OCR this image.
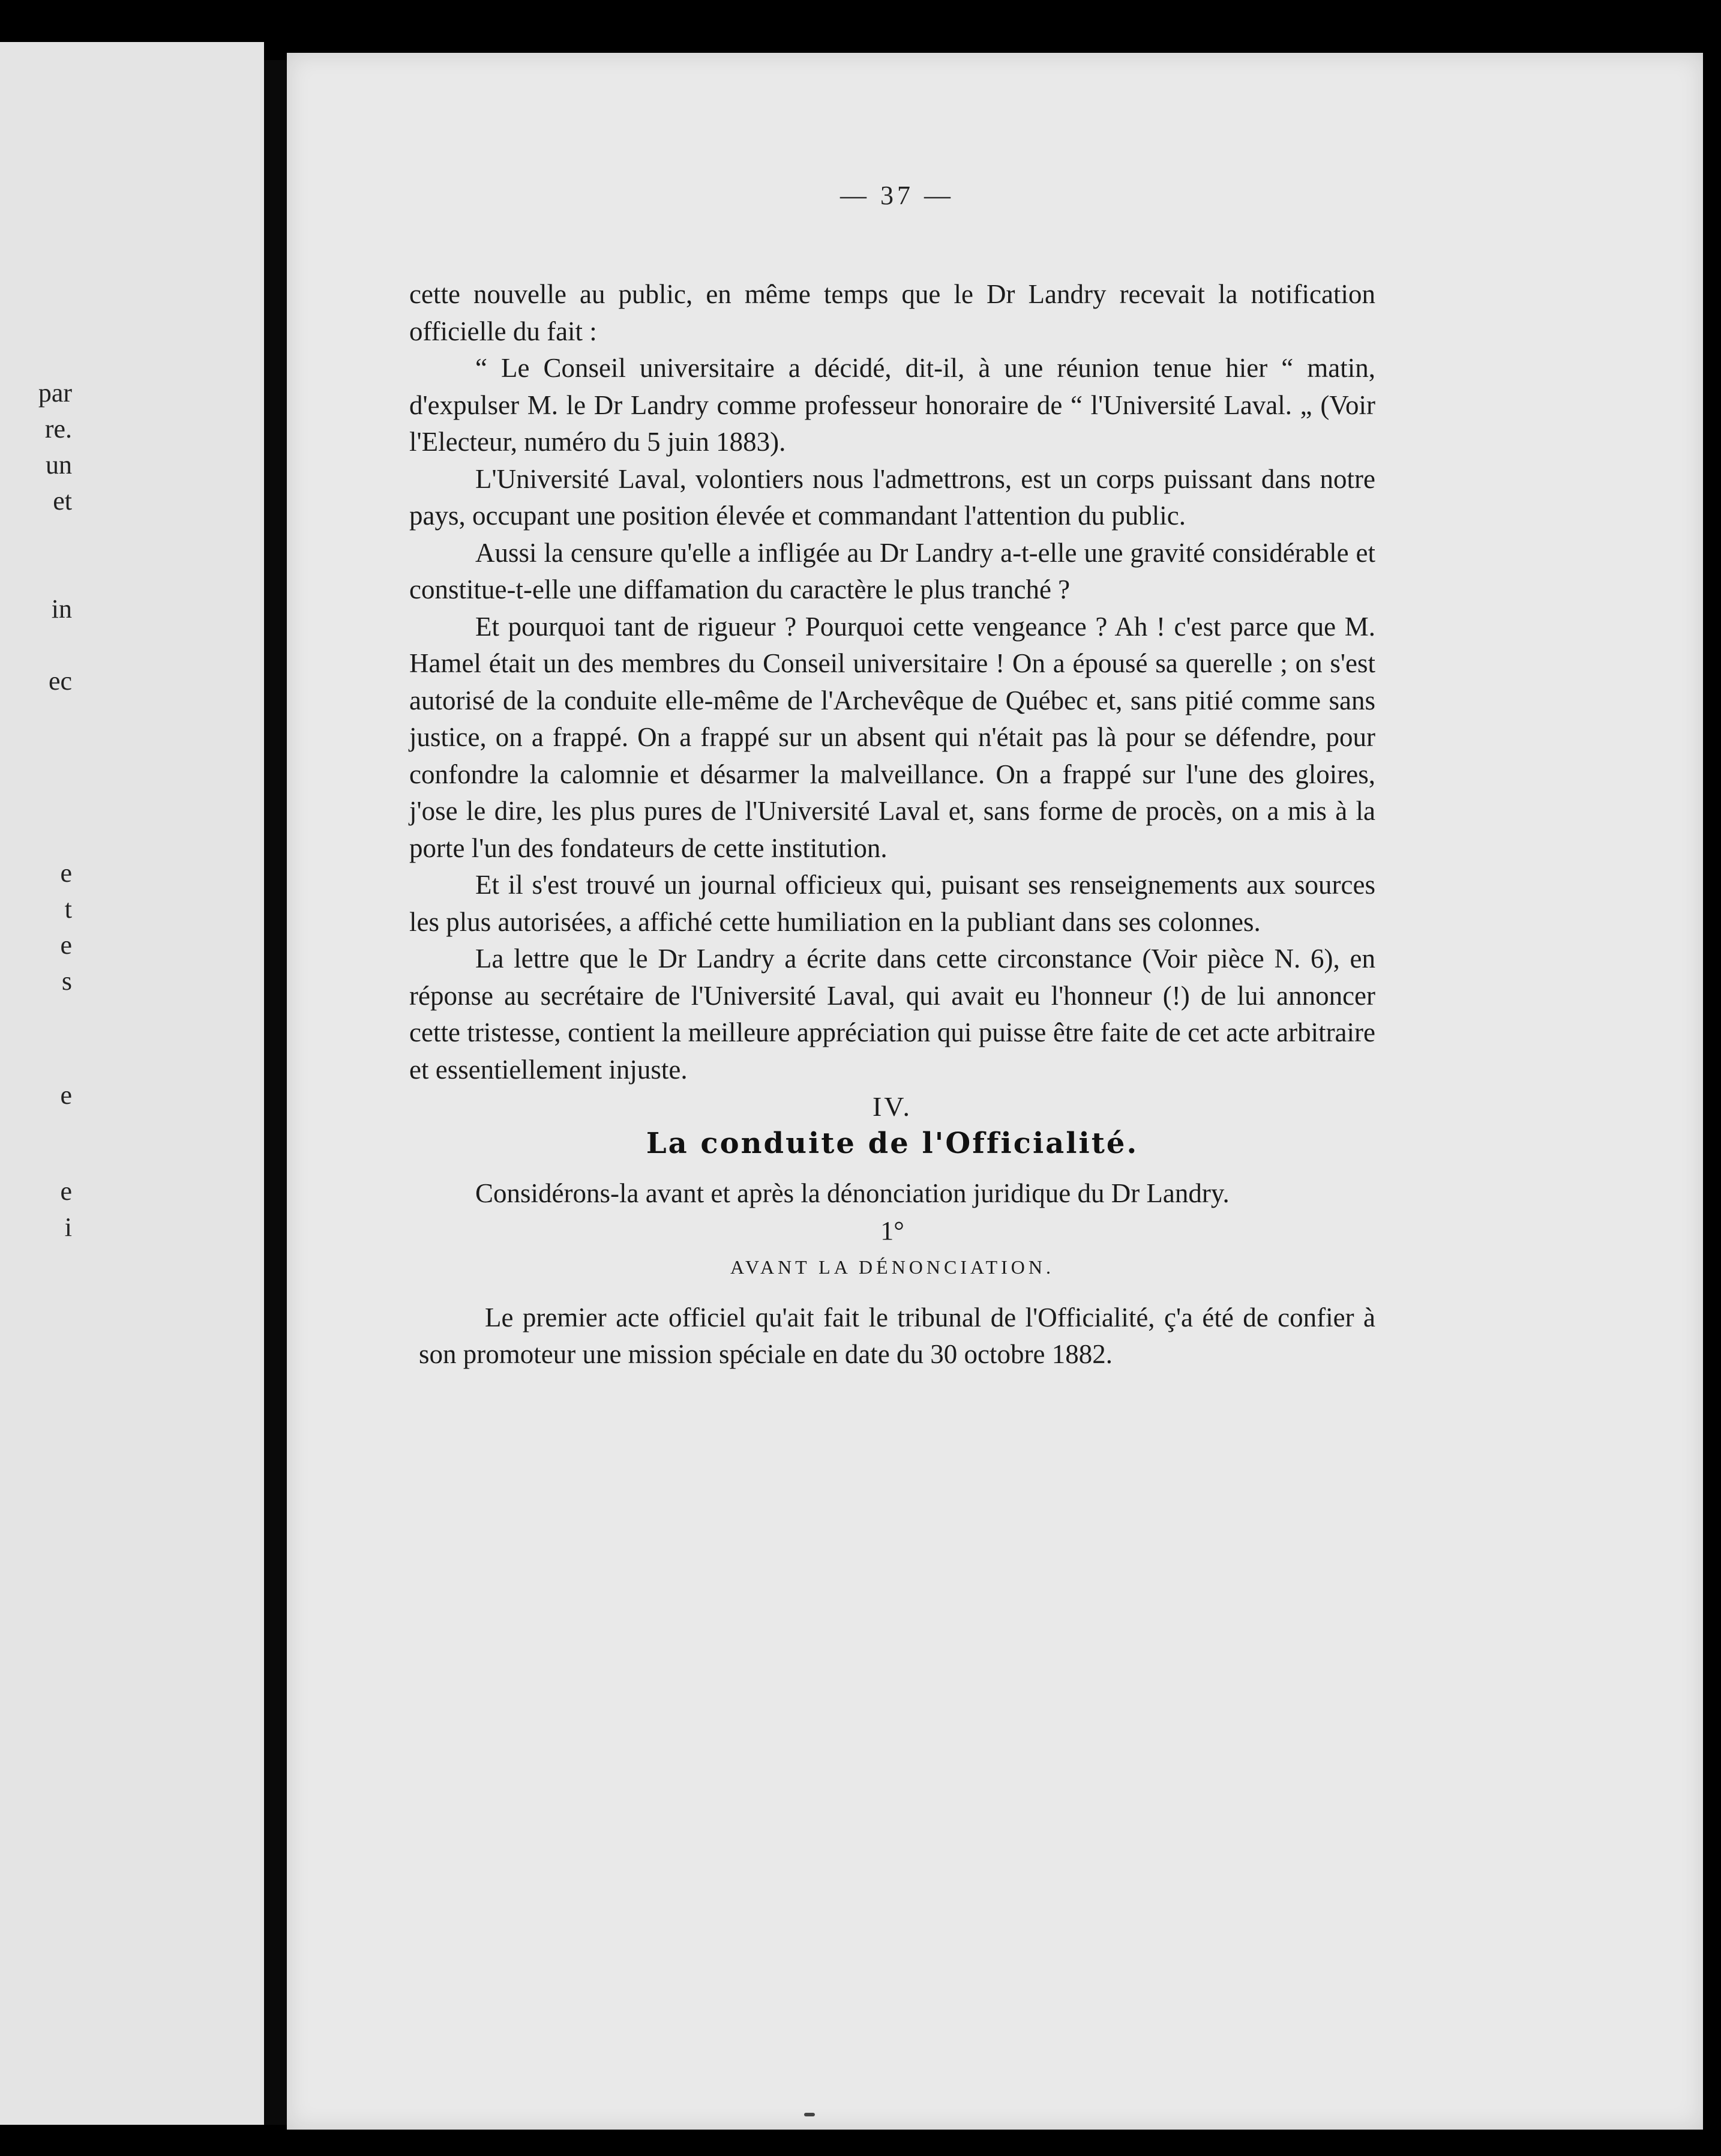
par
re.
un
et
in
ec
e
t
e
s
e
e
i
— 37 —

cette nouvelle au public, en même temps que le Dr Landry recevait la notification officielle du fait :

“ Le Conseil universitaire a décidé, dit-il, à une réunion tenue hier “ matin, d'expulser M. le Dr Landry comme professeur honoraire de “ l'Université Laval. „ (Voir l'Electeur, numéro du 5 juin 1883).

L'Université Laval, volontiers nous l'admettrons, est un corps puissant dans notre pays, occupant une position élevée et commandant l'attention du public.

Aussi la censure qu'elle a infligée au Dr Landry a-t-elle une gravité considérable et constitue-t-elle une diffamation du caractère le plus tranché ?

Et pourquoi tant de rigueur ? Pourquoi cette vengeance ? Ah ! c'est parce que M. Hamel était un des membres du Conseil universitaire ! On a épousé sa querelle ; on s'est autorisé de la conduite elle-même de l'Archevêque de Québec et, sans pitié comme sans justice, on a frappé. On a frappé sur un absent qui n'était pas là pour se défendre, pour confondre la calomnie et désarmer la malveillance. On a frappé sur l'une des gloires, j'ose le dire, les plus pures de l'Université Laval et, sans forme de procès, on a mis à la porte l'un des fondateurs de cette institution.

Et il s'est trouvé un journal officieux qui, puisant ses renseignements aux sources les plus autorisées, a affiché cette humiliation en la publiant dans ses colonnes.

La lettre que le Dr Landry a écrite dans cette circonstance (Voir pièce N. 6), en réponse au secrétaire de l'Université Laval, qui avait eu l'honneur (!) de lui annoncer cette tristesse, contient la meilleure appréciation qui puisse être faite de cet acte arbitraire et essentiellement injuste.

IV.

La conduite de l'Officialité.

Considérons-la avant et après la dénonciation juridique du Dr Landry.

1°

AVANT LA DÉNONCIATION.

Le premier acte officiel qu'ait fait le tribunal de l'Officialité, ç'a été de confier à son promoteur une mission spéciale en date du 30 octobre 1882.
